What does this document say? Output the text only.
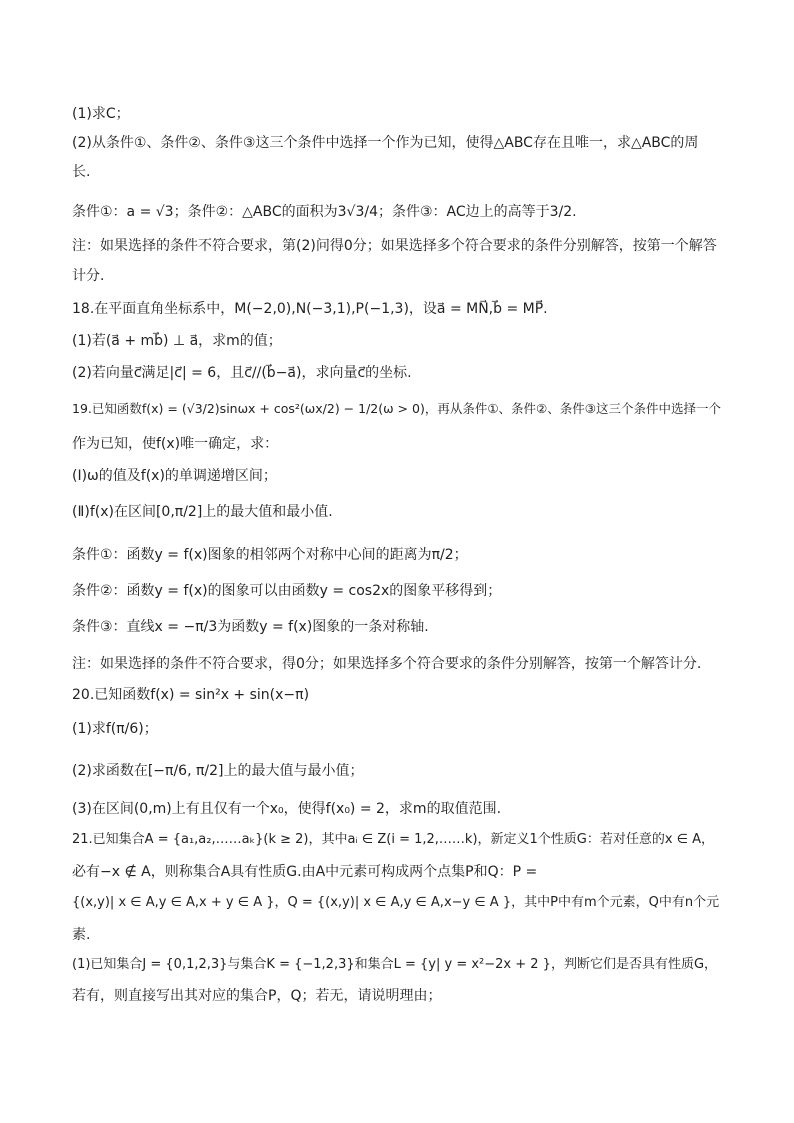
(1)求C；
(2)从条件①、条件②、条件③这三个条件中选择一个作为已知，使得△ABC存在且唯一，求△ABC的周
长.
条件①：a = √3；条件②：△ABC的面积为3√3/4；条件③：AC边上的高等于3/2.
注：如果选择的条件不符合要求，第(2)问得0分；如果选择多个符合要求的条件分别解答，按第一个解答
计分.
18.在平面直角坐标系中，M(−2,0),N(−3,1),P(−1,3)，设a⃗ = MN⃗,b⃗ = MP⃗.
(1)若(a⃗ + mb⃗) ⊥ a⃗，求m的值；
(2)若向量c⃗满足|c⃗| = 6，且c⃗//(b⃗−a⃗)，求向量c⃗的坐标.
19.已知函数f(x) = (√3/2)sinωx + cos²(ωx/2) − 1/2(ω > 0)，再从条件①、条件②、条件③这三个条件中选择一个
作为已知，使f(x)唯一确定，求：
(Ⅰ)ω的值及f(x)的单调递增区间；
(Ⅱ)f(x)在区间[0,π/2]上的最大值和最小值.
条件①：函数y = f(x)图象的相邻两个对称中心间的距离为π/2；
条件②：函数y = f(x)的图象可以由函数y = cos2x的图象平移得到；
条件③：直线x = −π/3为函数y = f(x)图象的一条对称轴.
注：如果选择的条件不符合要求，得0分；如果选择多个符合要求的条件分别解答，按第一个解答计分.
20.已知函数f(x) = sin²x + sin(x−π)
(1)求f(π/6)；
(2)求函数在[−π/6, π/2]上的最大值与最小值；
(3)在区间(0,m)上有且仅有一个x₀，使得f(x₀) = 2，求m的取值范围.
21.已知集合A = {a₁,a₂,……aₖ}(k ≥ 2)，其中aᵢ ∈ Z(i = 1,2,……k)，新定义1个性质G：若对任意的x ∈ A，
必有−x ∉ A，则称集合A具有性质G.由A中元素可构成两个点集P和Q：P =
{(x,y)| x ∈ A,y ∈ A,x + y ∈ A }，Q = {(x,y)| x ∈ A,y ∈ A,x−y ∈ A }，其中P中有m个元素，Q中有n个元
素.
(1)已知集合J = {0,1,2,3}与集合K = {−1,2,3}和集合L = {y| y = x²−2x + 2 }，判断它们是否具有性质G，
若有，则直接写出其对应的集合P，Q；若无，请说明理由；
